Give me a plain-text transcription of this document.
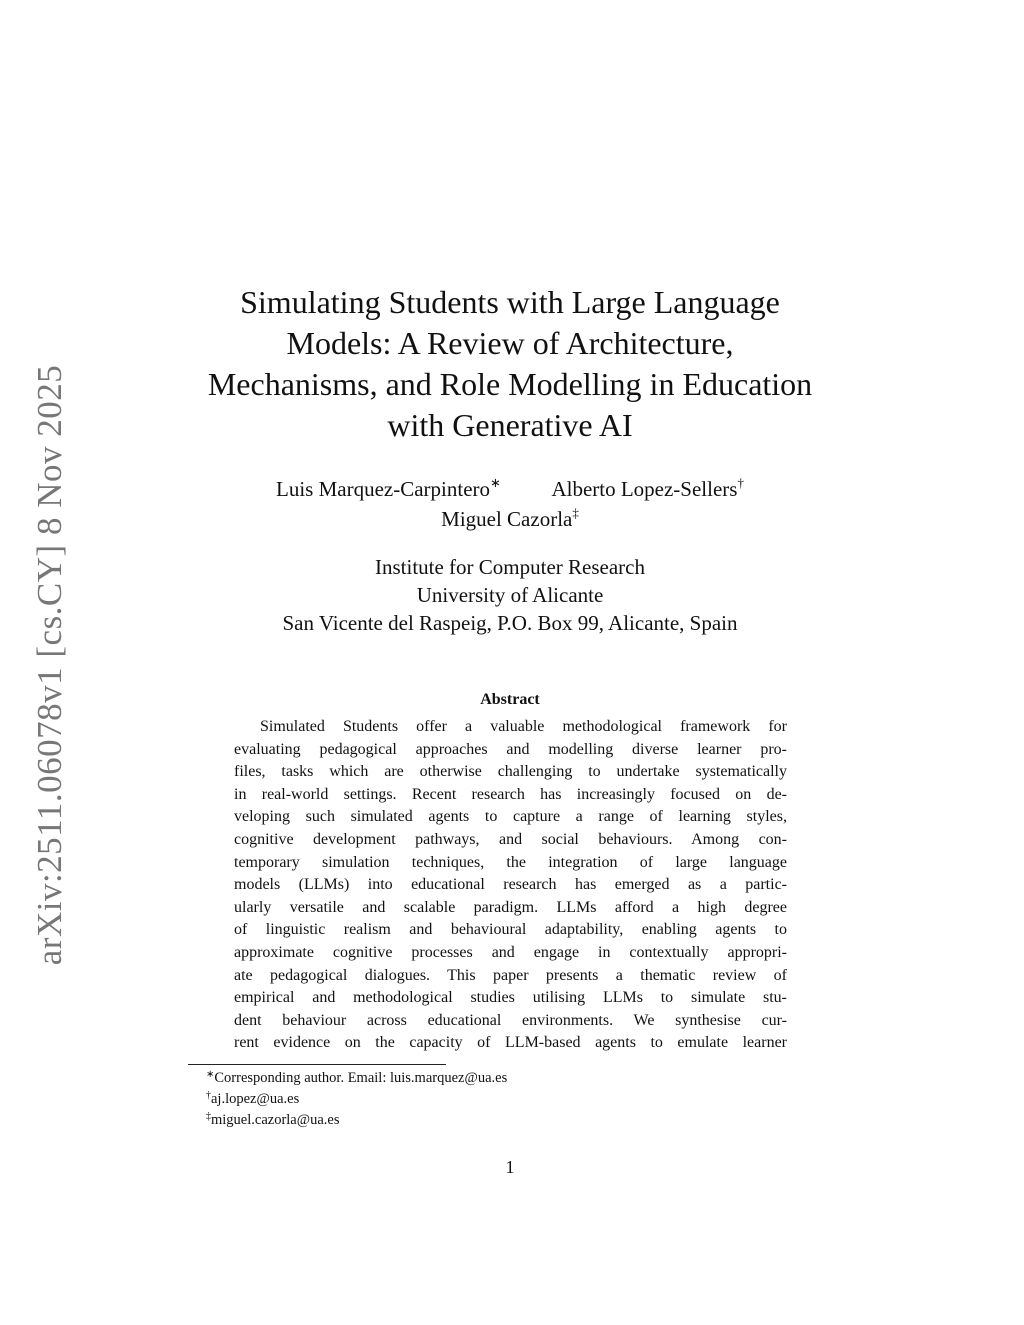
arXiv:2511.06078v1 [cs.CY] 8 Nov 2025
Simulating Students with Large Language
Models: A Review of Architecture,
Mechanisms, and Role Modelling in Education
with Generative AI
Luis Marquez-Carpintero∗ Alberto Lopez-Sellers†
Miguel Cazorla‡
Institute for Computer Research
University of Alicante
San Vicente del Raspeig, P.O. Box 99, Alicante, Spain
Abstract
Simulated Students offer a valuable methodological framework for
evaluating pedagogical approaches and modelling diverse learner pro-
files, tasks which are otherwise challenging to undertake systematically
in real-world settings. Recent research has increasingly focused on de-
veloping such simulated agents to capture a range of learning styles,
cognitive development pathways, and social behaviours. Among con-
temporary simulation techniques, the integration of large language
models (LLMs) into educational research has emerged as a partic-
ularly versatile and scalable paradigm. LLMs afford a high degree
of linguistic realism and behavioural adaptability, enabling agents to
approximate cognitive processes and engage in contextually appropri-
ate pedagogical dialogues. This paper presents a thematic review of
empirical and methodological studies utilising LLMs to simulate stu-
dent behaviour across educational environments. We synthesise cur-
rent evidence on the capacity of LLM-based agents to emulate learner
∗Corresponding author. Email: luis.marquez@ua.es
†aj.lopez@ua.es
‡miguel.cazorla@ua.es
1
